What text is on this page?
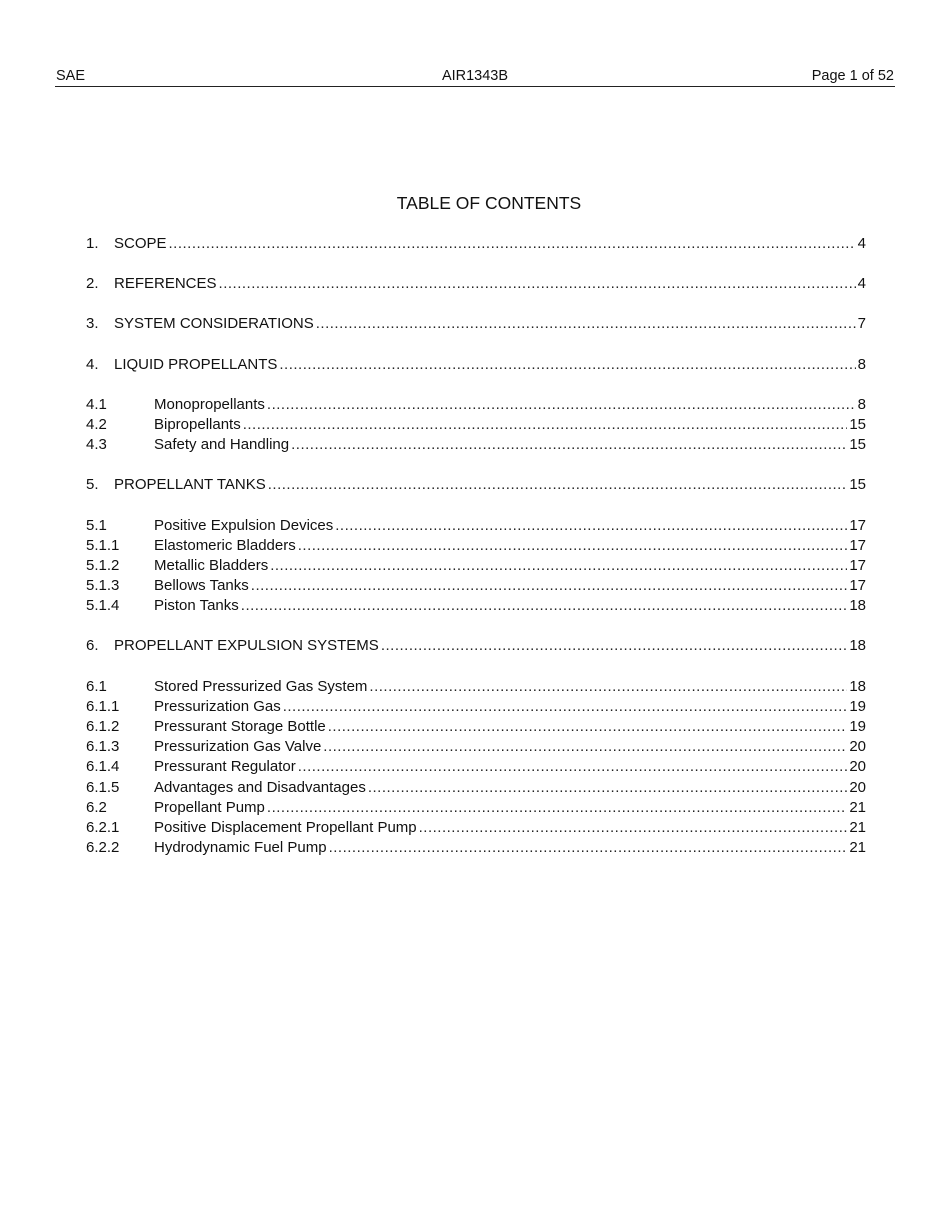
SAE	AIR1343B	Page 1 of 52
TABLE OF CONTENTS
1.	SCOPE .....	4
2.	REFERENCES .....	4
3.	SYSTEM CONSIDERATIONS .....	7
4.	LIQUID PROPELLANTS .....	8
4.1	Monopropellants .....	8
4.2	Bipropellants .....	15
4.3	Safety and Handling .....	15
5.	PROPELLANT TANKS .....	15
5.1	Positive Expulsion Devices .....	17
5.1.1	Elastomeric Bladders .....	17
5.1.2	Metallic Bladders .....	17
5.1.3	Bellows Tanks .....	17
5.1.4	Piston Tanks .....	18
6.	PROPELLANT EXPULSION SYSTEMS .....	18
6.1	Stored Pressurized Gas System .....	18
6.1.1	Pressurization Gas .....	19
6.1.2	Pressurant Storage Bottle .....	19
6.1.3	Pressurization Gas Valve .....	20
6.1.4	Pressurant Regulator .....	20
6.1.5	Advantages and Disadvantages .....	20
6.2	Propellant Pump .....	21
6.2.1	Positive Displacement Propellant Pump .....	21
6.2.2	Hydrodynamic Fuel Pump .....	21
